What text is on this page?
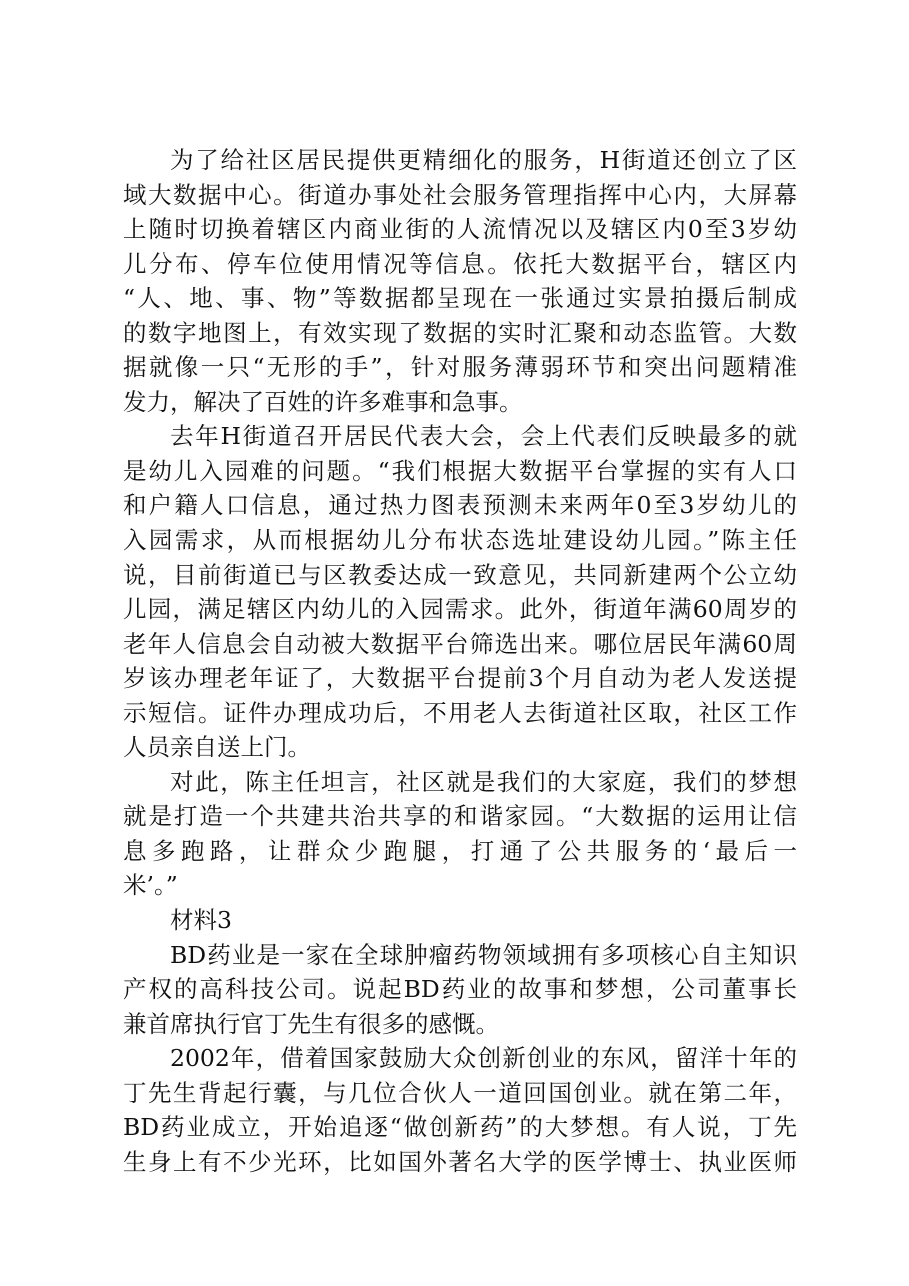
为了给社区居民提供更精细化的服务，H街道还创立了区
域大数据中心。街道办事处社会服务管理指挥中心内，大屏幕
上随时切换着辖区内商业街的人流情况以及辖区内0至3岁幼
儿分布、停车位使用情况等信息。依托大数据平台，辖区内
“人、地、事、物”等数据都呈现在一张通过实景拍摄后制成
的数字地图上，有效实现了数据的实时汇聚和动态监管。大数
据就像一只“无形的手”，针对服务薄弱环节和突出问题精准
发力，解决了百姓的许多难事和急事。
去年H街道召开居民代表大会，会上代表们反映最多的就
是幼儿入园难的问题。“我们根据大数据平台掌握的实有人口
和户籍人口信息，通过热力图表预测未来两年0至3岁幼儿的
入园需求，从而根据幼儿分布状态选址建设幼儿园。”陈主任
说，目前街道已与区教委达成一致意见，共同新建两个公立幼
儿园，满足辖区内幼儿的入园需求。此外，街道年满60周岁的
老年人信息会自动被大数据平台筛选出来。哪位居民年满60周
岁该办理老年证了，大数据平台提前3个月自动为老人发送提
示短信。证件办理成功后，不用老人去街道社区取，社区工作
人员亲自送上门。
对此，陈主任坦言，社区就是我们的大家庭，我们的梦想
就是打造一个共建共治共享的和谐家园。“大数据的运用让信
息多跑路，让群众少跑腿，打通了公共服务的‘最后一
米’。”
材料3
BD药业是一家在全球肿瘤药物领域拥有多项核心自主知识
产权的高科技公司。说起BD药业的故事和梦想，公司董事长
兼首席执行官丁先生有很多的感慨。
2002年，借着国家鼓励大众创新创业的东风，留洋十年的
丁先生背起行囊，与几位合伙人一道回国创业。就在第二年，
BD药业成立，开始追逐“做创新药”的大梦想。有人说，丁先
生身上有不少光环，比如国外著名大学的医学博士、执业医师
